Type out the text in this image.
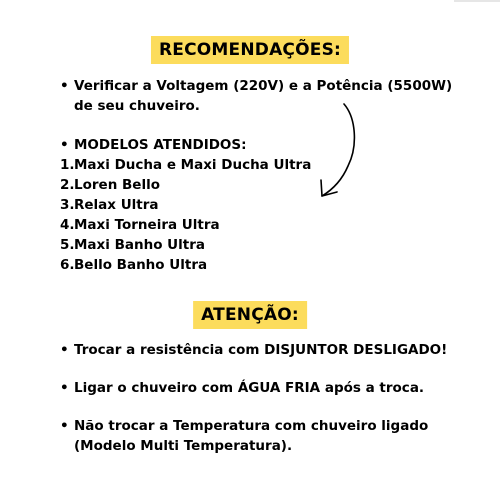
RECOMENDAÇÕES:
• Verificar a Voltagem (220V) e a Potência (5500W) de seu chuveiro.
• MODELOS ATENDIDOS:
1. Maxi Ducha e Maxi Ducha Ultra
2. Loren Bello
3. Relax Ultra
4. Maxi Torneira Ultra
5. Maxi Banho Ultra
6. Bello Banho Ultra
ATENÇÃO:
• Trocar a resistência com DISJUNTOR DESLIGADO!
• Ligar o chuveiro com ÁGUA FRIA após a troca.
• Não trocar a Temperatura com chuveiro ligado (Modelo Multi Temperatura).
